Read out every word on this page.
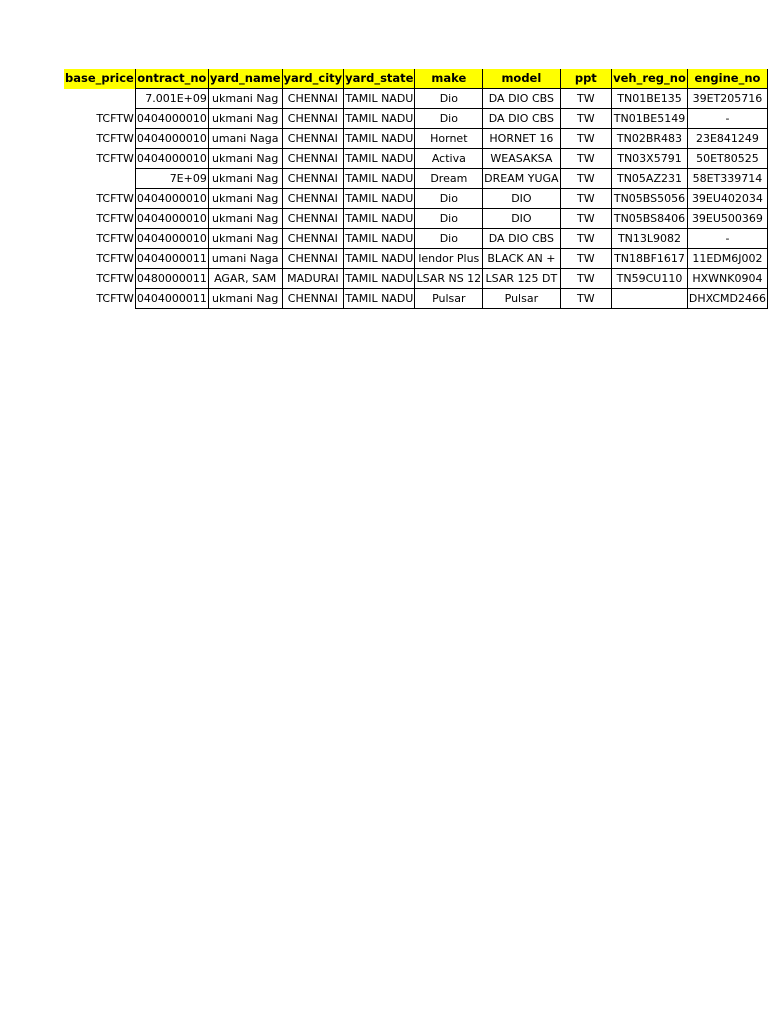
base_price	ontract_no	yard_name	yard_city	yard_state	make	model	ppt	veh_reg_no	engine_no
	7.001E+09	ukmani Nag	CHENNAI	TAMIL NADU	Dio	DA DIO CBS	TW	TN01BE135	39ET205716
TCFTW	0404000010	ukmani Nag	CHENNAI	TAMIL NADU	Dio	DA DIO CBS	TW	TN01BE5149	-
TCFTW	0404000010	umani Naga	CHENNAI	TAMIL NADU	Hornet	HORNET 16	TW	TN02BR483	23E841249
TCFTW	0404000010	ukmani Nag	CHENNAI	TAMIL NADU	Activa	WEASAKSA	TW	TN03X5791	50ET80525
	7E+09	ukmani Nag	CHENNAI	TAMIL NADU	Dream	DREAM YUGA	TW	TN05AZ231	58ET339714
TCFTW	0404000010	ukmani Nag	CHENNAI	TAMIL NADU	Dio	DIO	TW	TN05BS5056	39EU402034
TCFTW	0404000010	ukmani Nag	CHENNAI	TAMIL NADU	Dio	DIO	TW	TN05BS8406	39EU500369
TCFTW	0404000010	ukmani Nag	CHENNAI	TAMIL NADU	Dio	DA DIO CBS	TW	TN13L9082	-
TCFTW	0404000011	umani Naga	CHENNAI	TAMIL NADU	lendor Plus	+ BLACK AN	TW	TN18BF1617	11EDM6J002
TCFTW	0480000011	AGAR, SAM	MADURAI	TAMIL NADU	LSAR NS 12	LSAR 125 DT	TW	TN59CU110	HXWNK0904
TCFTW	0404000011	ukmani Nag	CHENNAI	TAMIL NADU	Pulsar	Pulsar	TW		DHXCMD2466
